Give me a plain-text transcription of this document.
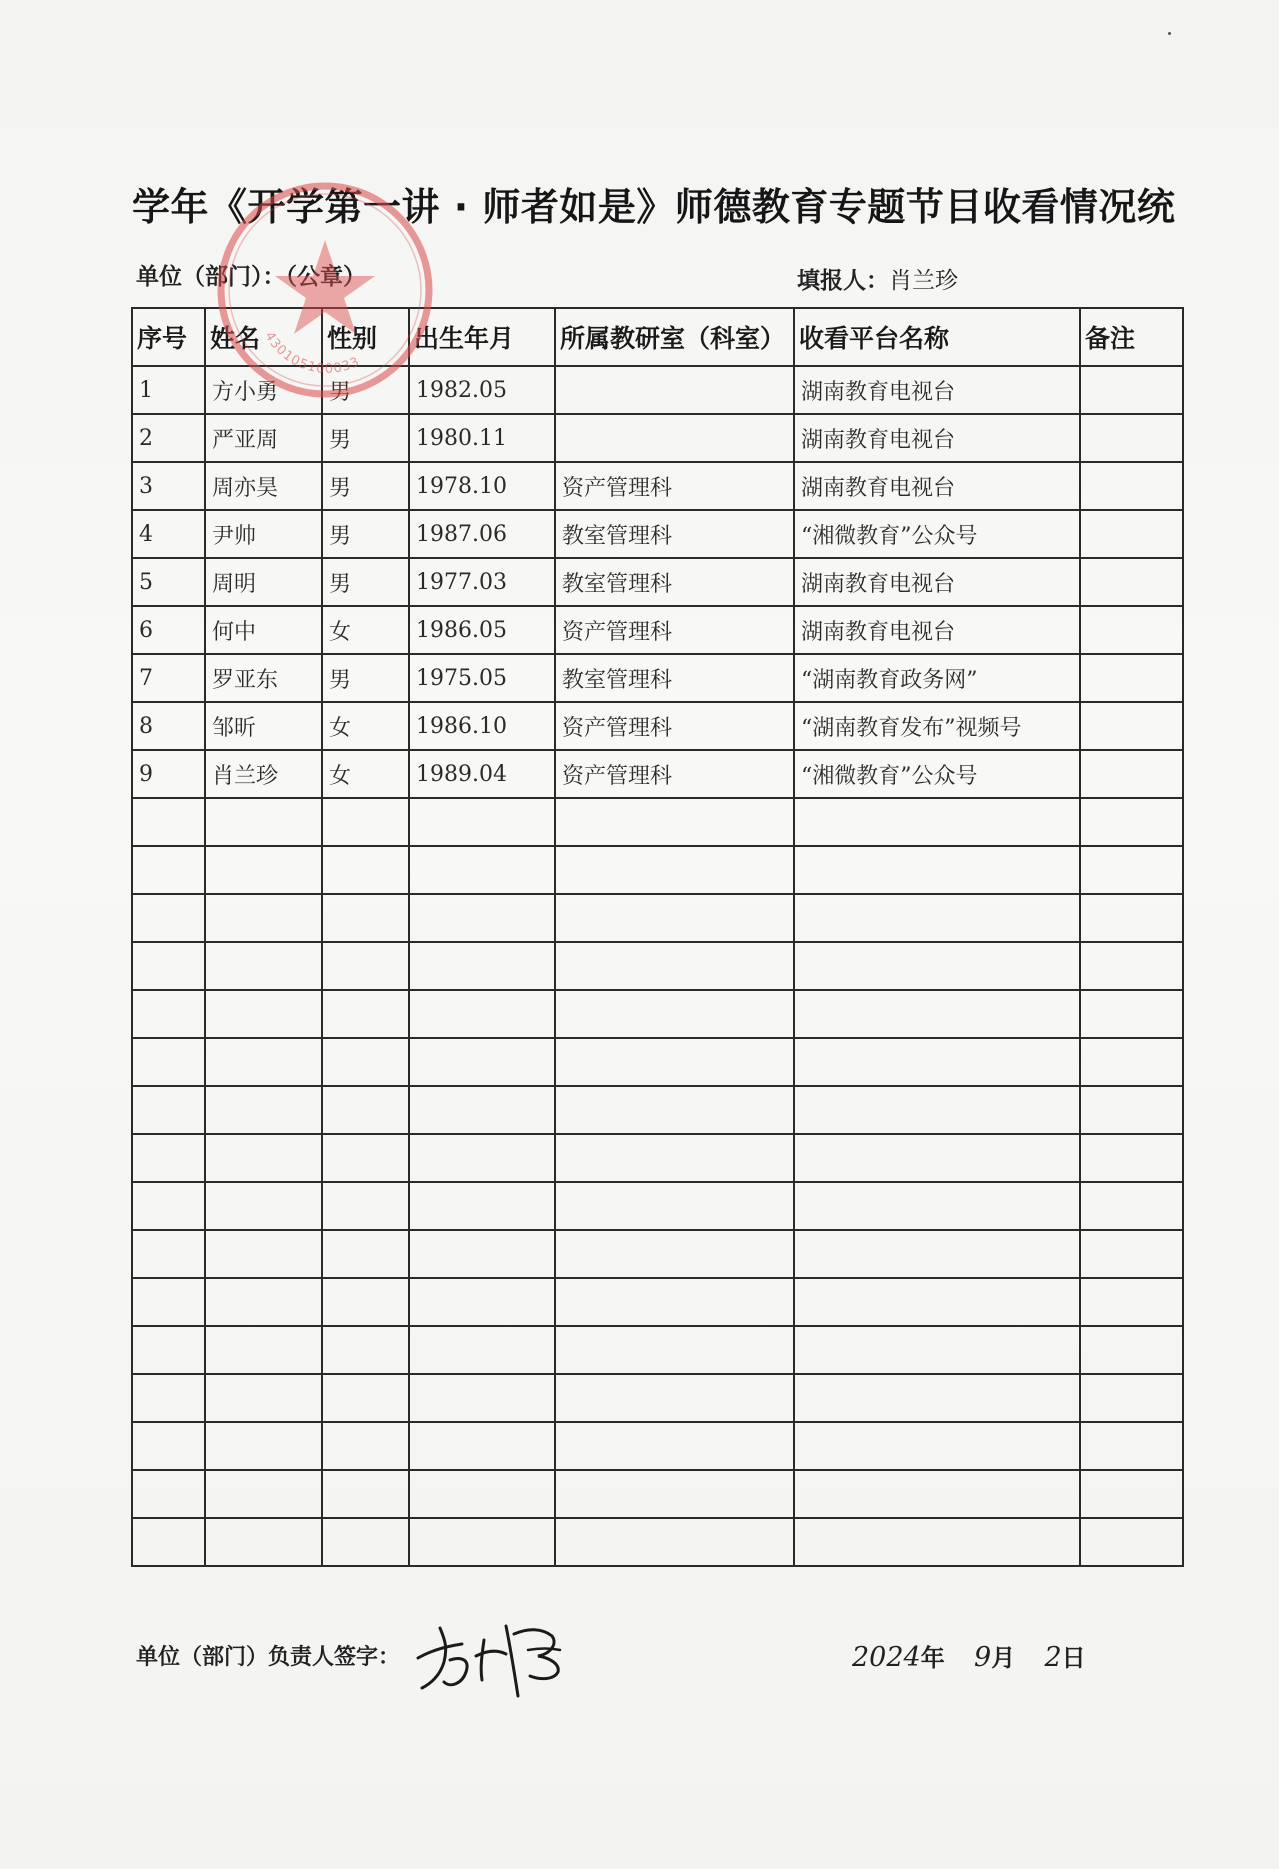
学年《开学第一讲 · 师者如是》师德教育专题节目收看情况统
单位（部门）：（公章）	填报人：肖兰珍
序号	姓名	性别	出生年月	所属教研室（科室）	收看平台名称	备注
1	方小勇	男	1982.05		湖南教育电视台	
2	严亚周	男	1980.11		湖南教育电视台	
3	周亦昊	男	1978.10	资产管理科	湖南教育电视台	
4	尹帅	男	1987.06	教室管理科	“湘微教育”公众号	
5	周明	男	1977.03	教室管理科	湖南教育电视台	
6	何中	女	1986.05	资产管理科	湖南教育电视台	
7	罗亚东	男	1975.05	教室管理科	“湖南教育政务网”	
8	邹昕	女	1986.10	资产管理科	“湖南教育发布”视频号	
9	肖兰珍	女	1989.04	资产管理科	“湘微教育”公众号	

430105100033
单位（部门）负责人签字：	2024年 9月 2日
